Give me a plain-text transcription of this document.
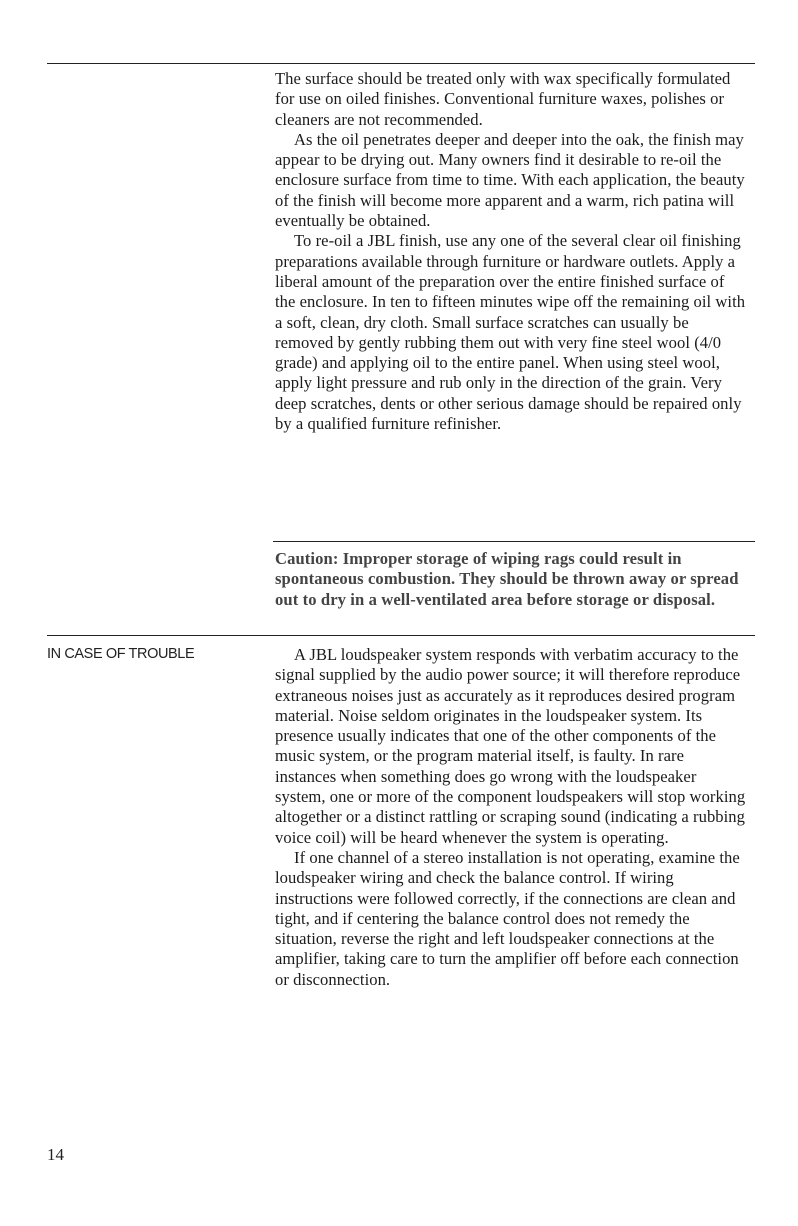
The surface should be treated only with wax specifically formulated for use on oiled finishes. Conventional furniture waxes, polishes or cleaners are not recommended.

As the oil penetrates deeper and deeper into the oak, the finish may appear to be drying out. Many owners find it desirable to re-oil the enclosure surface from time to time. With each application, the beauty of the finish will become more apparent and a warm, rich patina will eventually be obtained.

To re-oil a JBL finish, use any one of the several clear oil finishing preparations available through furniture or hardware outlets. Apply a liberal amount of the preparation over the entire finished surface of the enclosure. In ten to fifteen minutes wipe off the remaining oil with a soft, clean, dry cloth. Small surface scratches can usually be removed by gently rubbing them out with very fine steel wool (4/0 grade) and applying oil to the entire panel. When using steel wool, apply light pressure and rub only in the direction of the grain. Very deep scratches, dents or other serious damage should be repaired only by a qualified furniture refinisher.

Caution: Improper storage of wiping rags could result in spontaneous combustion. They should be thrown away or spread out to dry in a well-ventilated area before storage or disposal.
IN CASE OF TROUBLE	A JBL loudspeaker system responds with verbatim accuracy to the signal supplied by the audio power source; it will therefore reproduce extraneous noises just as accurately as it reproduces desired program material. Noise seldom originates in the loudspeaker system. Its presence usually indicates that one of the other components of the music system, or the program material itself, is faulty. In rare instances when something does go wrong with the loudspeaker system, one or more of the component loudspeakers will stop working altogether or a distinct rattling or scraping sound (indicating a rubbing voice coil) will be heard whenever the system is operating.

If one channel of a stereo installation is not operating, examine the loudspeaker wiring and check the balance control. If wiring instructions were followed correctly, if the connections are clean and tight, and if centering the balance control does not remedy the situation, reverse the right and left loudspeaker connections at the amplifier, taking care to turn the amplifier off before each connection or disconnection.

14
